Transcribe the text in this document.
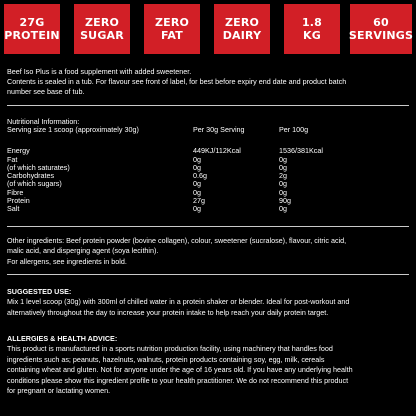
27G
PROTEIN
ZERO
SUGAR
ZERO
FAT
ZERO
DAIRY
1.8
KG
60
SERVINGS
Beef Iso Plus is a food supplement with added sweetener.
Contents is sealed in a tub. For flavour see front of label, for best before expiry end date and product batch
number see base of tub.
Nutritional Information:
Serving size 1 scoop (approximately 30g)	Per 30g Serving	Per 100g
Energy	449KJ/112Kcal	1536/381Kcal
Fat	0g	0g
(of which saturates)	0g	0g
Carbohydrates	0.6g	2g
(of which sugars)	0g	0g
Fibre	0g	0g
Protein	27g	90g
Salt	0g	0g
Other ingredients: Beef protein powder (bovine collagen), colour, sweetener (sucralose), flavour, citric acid,
malic acid, and disperging agent (soya lecithin).
For allergens, see ingredients in bold.
SUGGESTED USE:
Mix 1 level scoop (30g) with 300ml of chilled water in a protein shaker or blender. Ideal for post-workout and
alternatively throughout the day to increase your protein intake to help reach your daily protein target.
ALLERGIES & HEALTH ADVICE:
This product is manufactured in a sports nutrition production facility, using machinery that handles food
ingredients such as; peanuts, hazelnuts, walnuts, protein products containing soy, egg, milk, cereals
containing wheat and gluten. Not for anyone under the age of 16 years old. If you have any underlying health
conditions please show this ingredient profile to your health practitioner. We do not recommend this product
for pregnant or lactating women.
